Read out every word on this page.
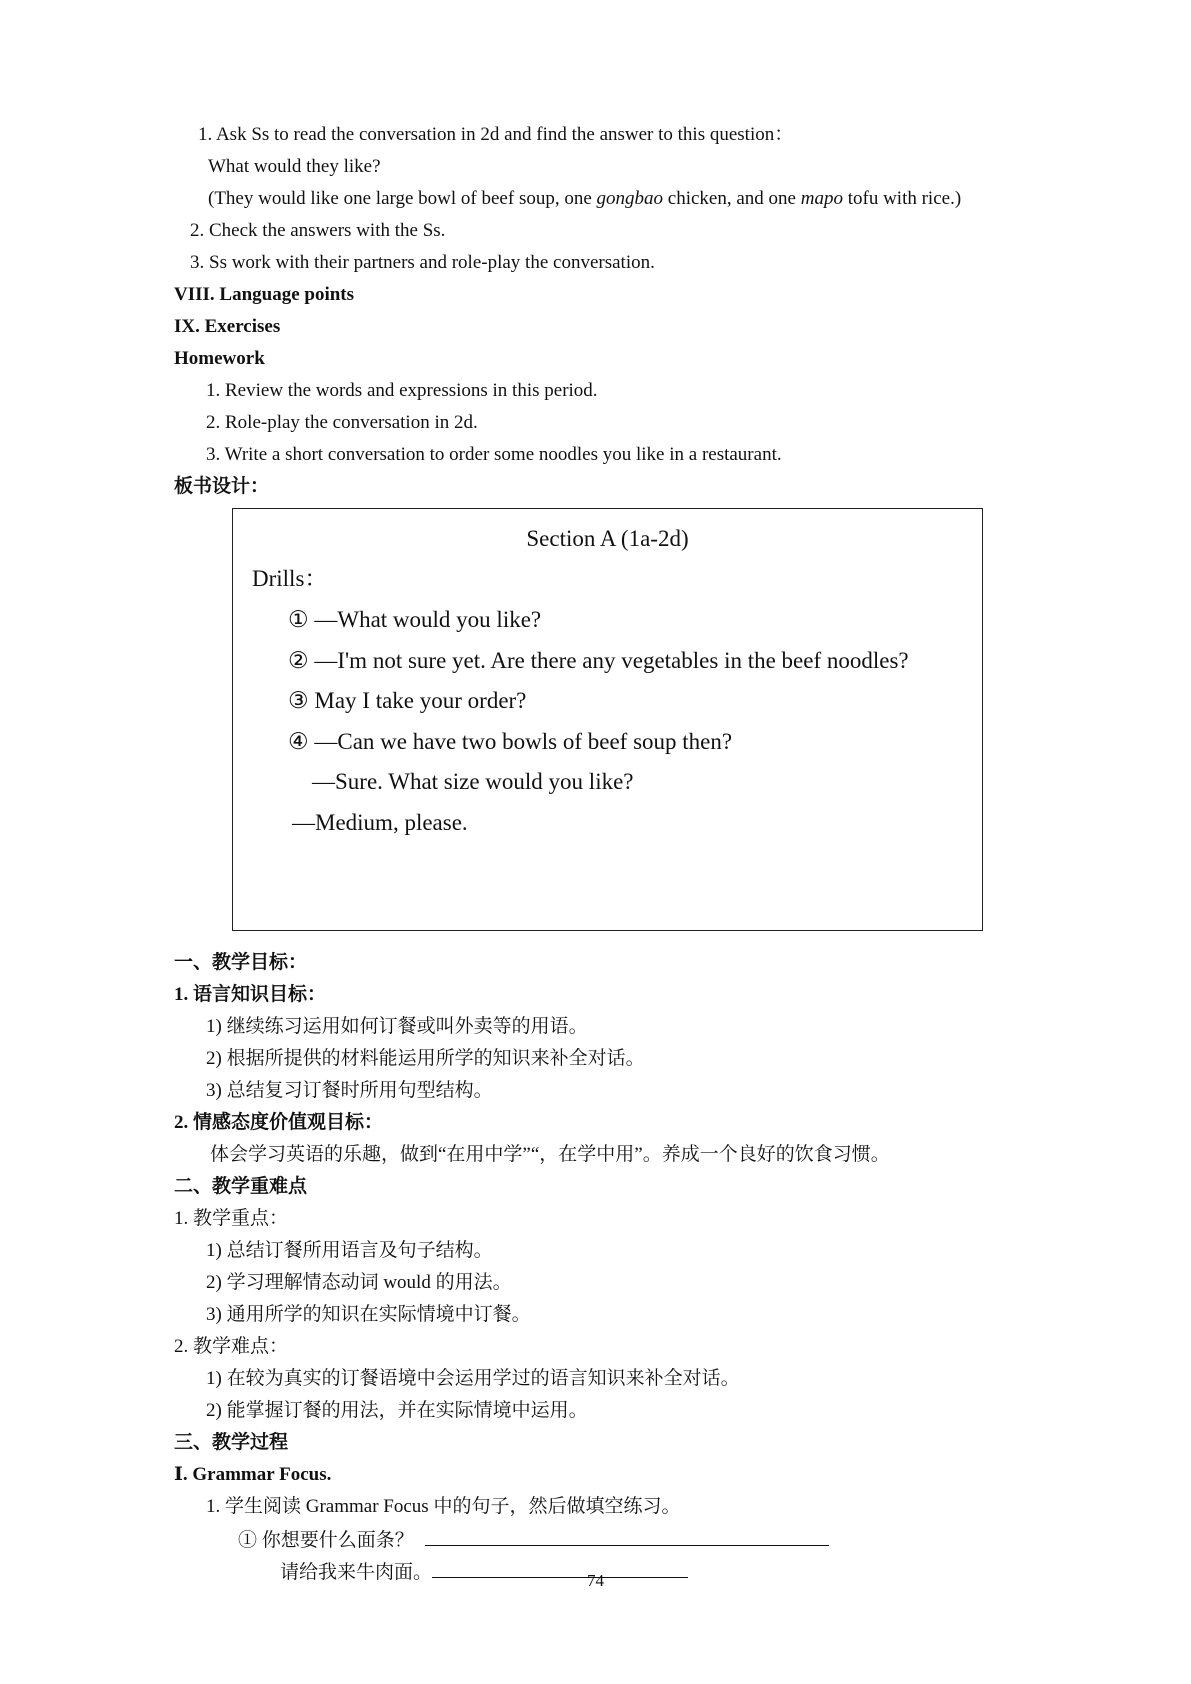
1. Ask Ss to read the conversation in 2d and find the answer to this question：
What would they like?
(They would like one large bowl of beef soup, one gongbao chicken, and one mapo tofu with rice.)
2. Check the answers with the Ss.
3. Ss work with their partners and role-play the conversation.
VIII. Language points
IX. Exercises
Homework
1. Review the words and expressions in this period.
2. Role-play the conversation in 2d.
3. Write a short conversation to order some noodles you like in a restaurant.
板书设计：
Section A (1a-2d)
Drills：
① —What would you like?
② —I'm not sure yet. Are there any vegetables in the beef noodles?
③ May I take your order?
④ —Can we have two bowls of beef soup then?
—Sure. What size would you like?
—Medium, please.
一、教学目标：
1. 语言知识目标：
1) 继续练习运用如何订餐或叫外卖等的用语。
2) 根据所提供的材料能运用所学的知识来补全对话。
3) 总结复习订餐时所用句型结构。
2. 情感态度价值观目标：
体会学习英语的乐趣，做到“在用中学”“，在学中用”。养成一个良好的饮食习惯。
二、教学重难点
1. 教学重点：
1) 总结订餐所用语言及句子结构。
2) 学习理解情态动词 would 的用法。
3) 通用所学的知识在实际情境中订餐。
2. 教学难点：
1) 在较为真实的订餐语境中会运用学过的语言知识来补全对话。
2) 能掌握订餐的用法，并在实际情境中运用。
三、教学过程
Ⅰ. Grammar Focus.
1. 学生阅读 Grammar Focus 中的句子，然后做填空练习。
① 你想要什么面条？
请给我来牛肉面。	74
